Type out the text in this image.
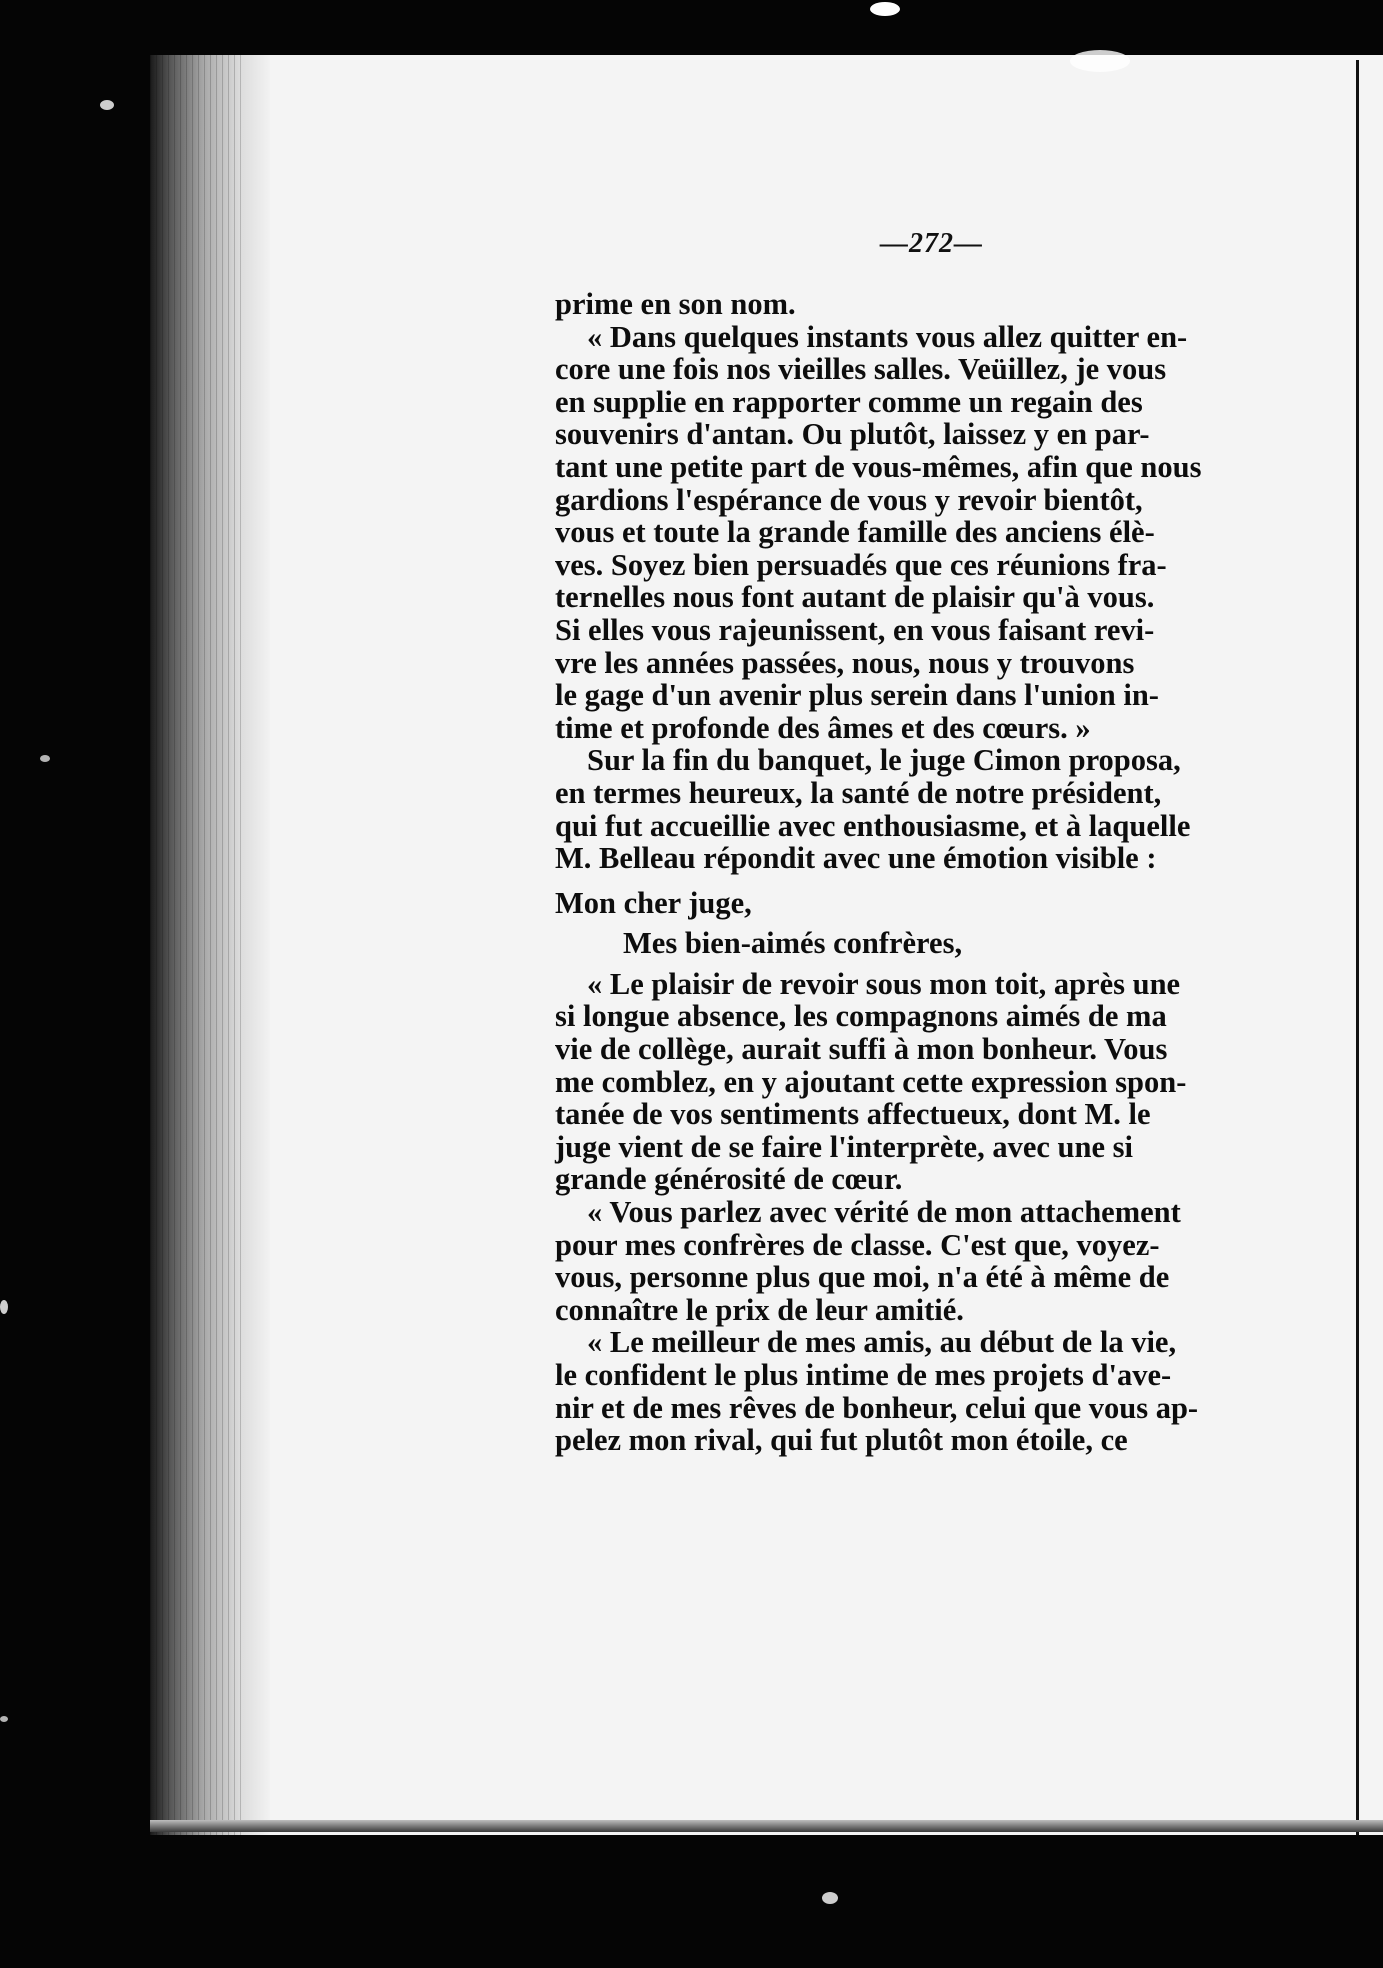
—272—
prime en son nom.
« Dans quelques instants vous allez quitter en-
core une fois nos vieilles salles. Veüillez, je vous
en supplie en rapporter comme un regain des
souvenirs d'antan. Ou plutôt, laissez y en par-
tant une petite part de vous-mêmes, afin que nous
gardions l'espérance de vous y revoir bientôt,
vous et toute la grande famille des anciens élè-
ves. Soyez bien persuadés que ces réunions fra-
ternelles nous font autant de plaisir qu'à vous.
Si elles vous rajeunissent, en vous faisant revi-
vre les années passées, nous, nous y trouvons
le gage d'un avenir plus serein dans l'union in-
time et profonde des âmes et des cœurs. »
Sur la fin du banquet, le juge Cimon proposa,
en termes heureux, la santé de notre président,
qui fut accueillie avec enthousiasme, et à laquelle
M. Belleau répondit avec une émotion visible :
Mon cher juge,
Mes bien-aimés confrères,
« Le plaisir de revoir sous mon toit, après une
si longue absence, les compagnons aimés de ma
vie de collège, aurait suffi à mon bonheur. Vous
me comblez, en y ajoutant cette expression spon-
tanée de vos sentiments affectueux, dont M. le
juge vient de se faire l'interprète, avec une si
grande générosité de cœur.
« Vous parlez avec vérité de mon attachement
pour mes confrères de classe. C'est que, voyez-
vous, personne plus que moi, n'a été à même de
connaître le prix de leur amitié.
« Le meilleur de mes amis, au début de la vie,
le confident le plus intime de mes projets d'ave-
nir et de mes rêves de bonheur, celui que vous ap-
pelez mon rival, qui fut plutôt mon étoile, ce
